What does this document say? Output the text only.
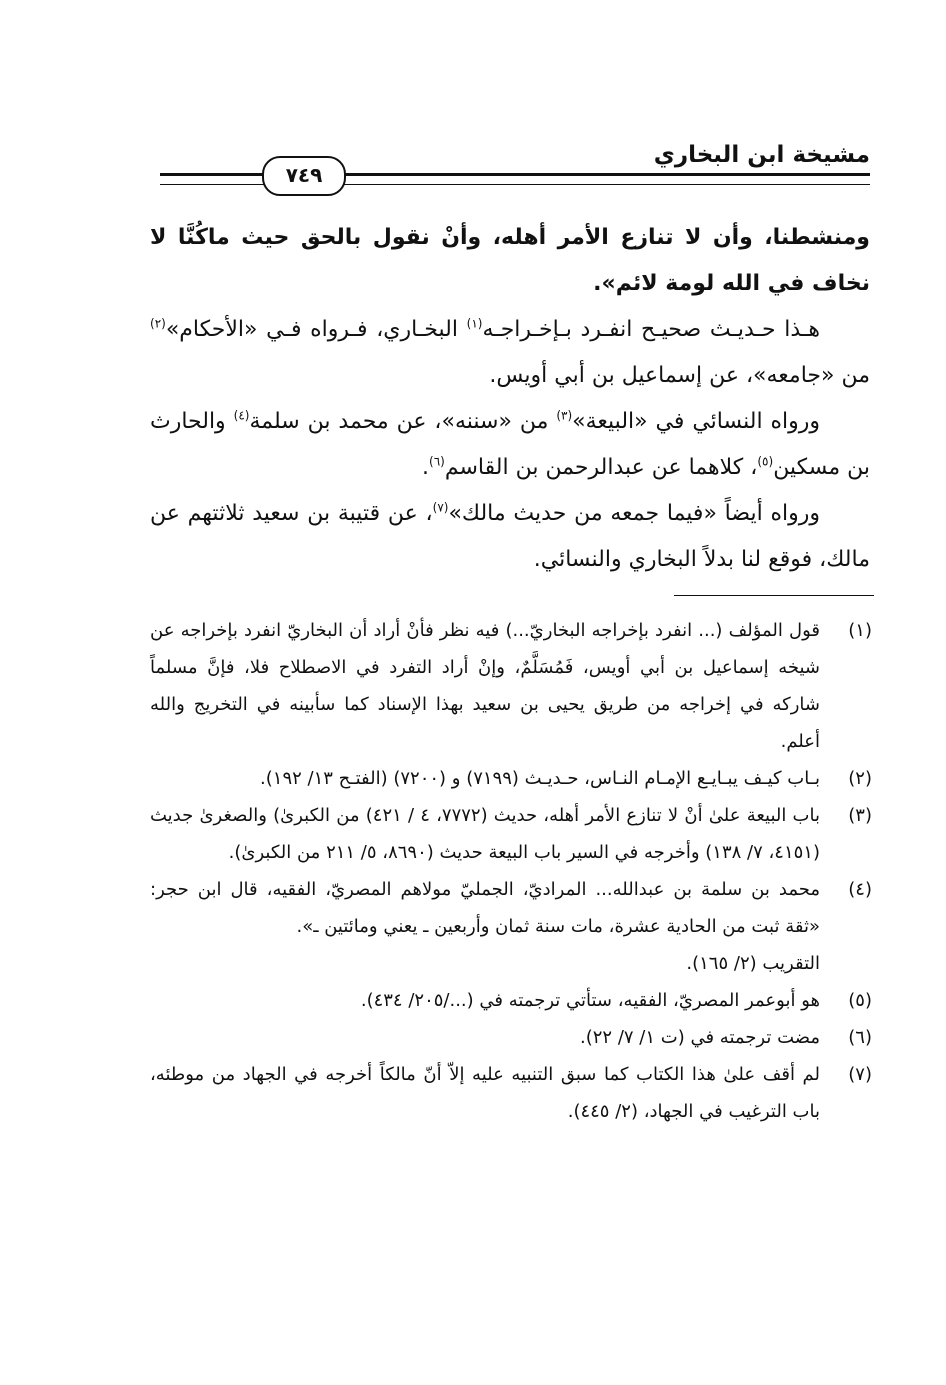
مشيخة ابن البخاري
٧٤٩

ومنشطنا، وأن لا تنازع الأمر أهله، وأنْ نقول بالحق حيث ماكُنَّا لا نخاف في الله لومة لائم».

هـذا حـديـث صحيـح انفـرد بـإخـراجـه$^{(١)}$ البخـاري، فـرواه فـي «الأحكام»$^{(٢)}$ من «جامعه»، عن إسماعيل بن أبي أويس.

ورواه النسائي في «البيعة»$^{(٣)}$ من «سننه»، عن محمد بن سلمة$^{(٤)}$ والحارث بن مسكين$^{(٥)}$، كلاهما عن عبدالرحمن بن القاسم$^{(٦)}$.

ورواه أيضاً «فيما جمعه من حديث مالك»$^{(٧)}$، عن قتيبة بن سعيد ثلاثتهم عن مالك، فوقع لنا بدلاً البخاري والنسائي.

(١)
قول المؤلف (... انفرد بإخراجه البخاريّ...) فيه نظر فأنْ أراد أن البخاريّ انفرد بإخراجه عن شيخه إسماعيل بن أبي أويس، فَمُسَلَّمٌ، وإنْ أراد التفرد في الاصطلاح فلا، فإنَّ مسلماً شاركه في إخراجه من طريق يحيى بن سعيد بهذا الإسناد كما سأبينه في التخريج والله أعلم.
(٢)
بـاب كيـف يبـايـع الإمـام النـاس، حـديـث (٧١٩٩) و (٧٢٠٠) (الفتـح ١٣/ ١٩٢).
(٣)
باب البيعة علىٰ أنْ لا تنازع الأمر أهله، حديث (٧٧٧٢، ٤ / ٤٢١) من الكبرىٰ) والصغرىٰ جديث (٤١٥١، ٧/ ١٣٨) وأخرجه في السير باب البيعة حديث (٨٦٩٠، ٥/ ٢١١ من الكبرىٰ).
(٤)
محمد بن سلمة بن عبدالله... المراديّ، الجمليّ مولاهم المصريّ، الفقيه، قال ابن حجر: «ثقة ثبت من الحادية عشرة، مات سنة ثمان وأربعين ـ يعني ومائتين ـ».
التقريب (٢/ ١٦٥).
(٥)
هو أبوعمر المصريّ، الفقيه، ستأتي ترجمته في (.../٢٠٥/ ٤٣٤).
(٦)
مضت ترجمته في (ت ١/ ٧/ ٢٢).
(٧)
لم أقف علىٰ هذا الكتاب كما سبق التنبيه عليه إلاّ أنّ مالكاً أخرجه في الجهاد من موطئه، باب الترغيب في الجهاد، (٢/ ٤٤٥).
